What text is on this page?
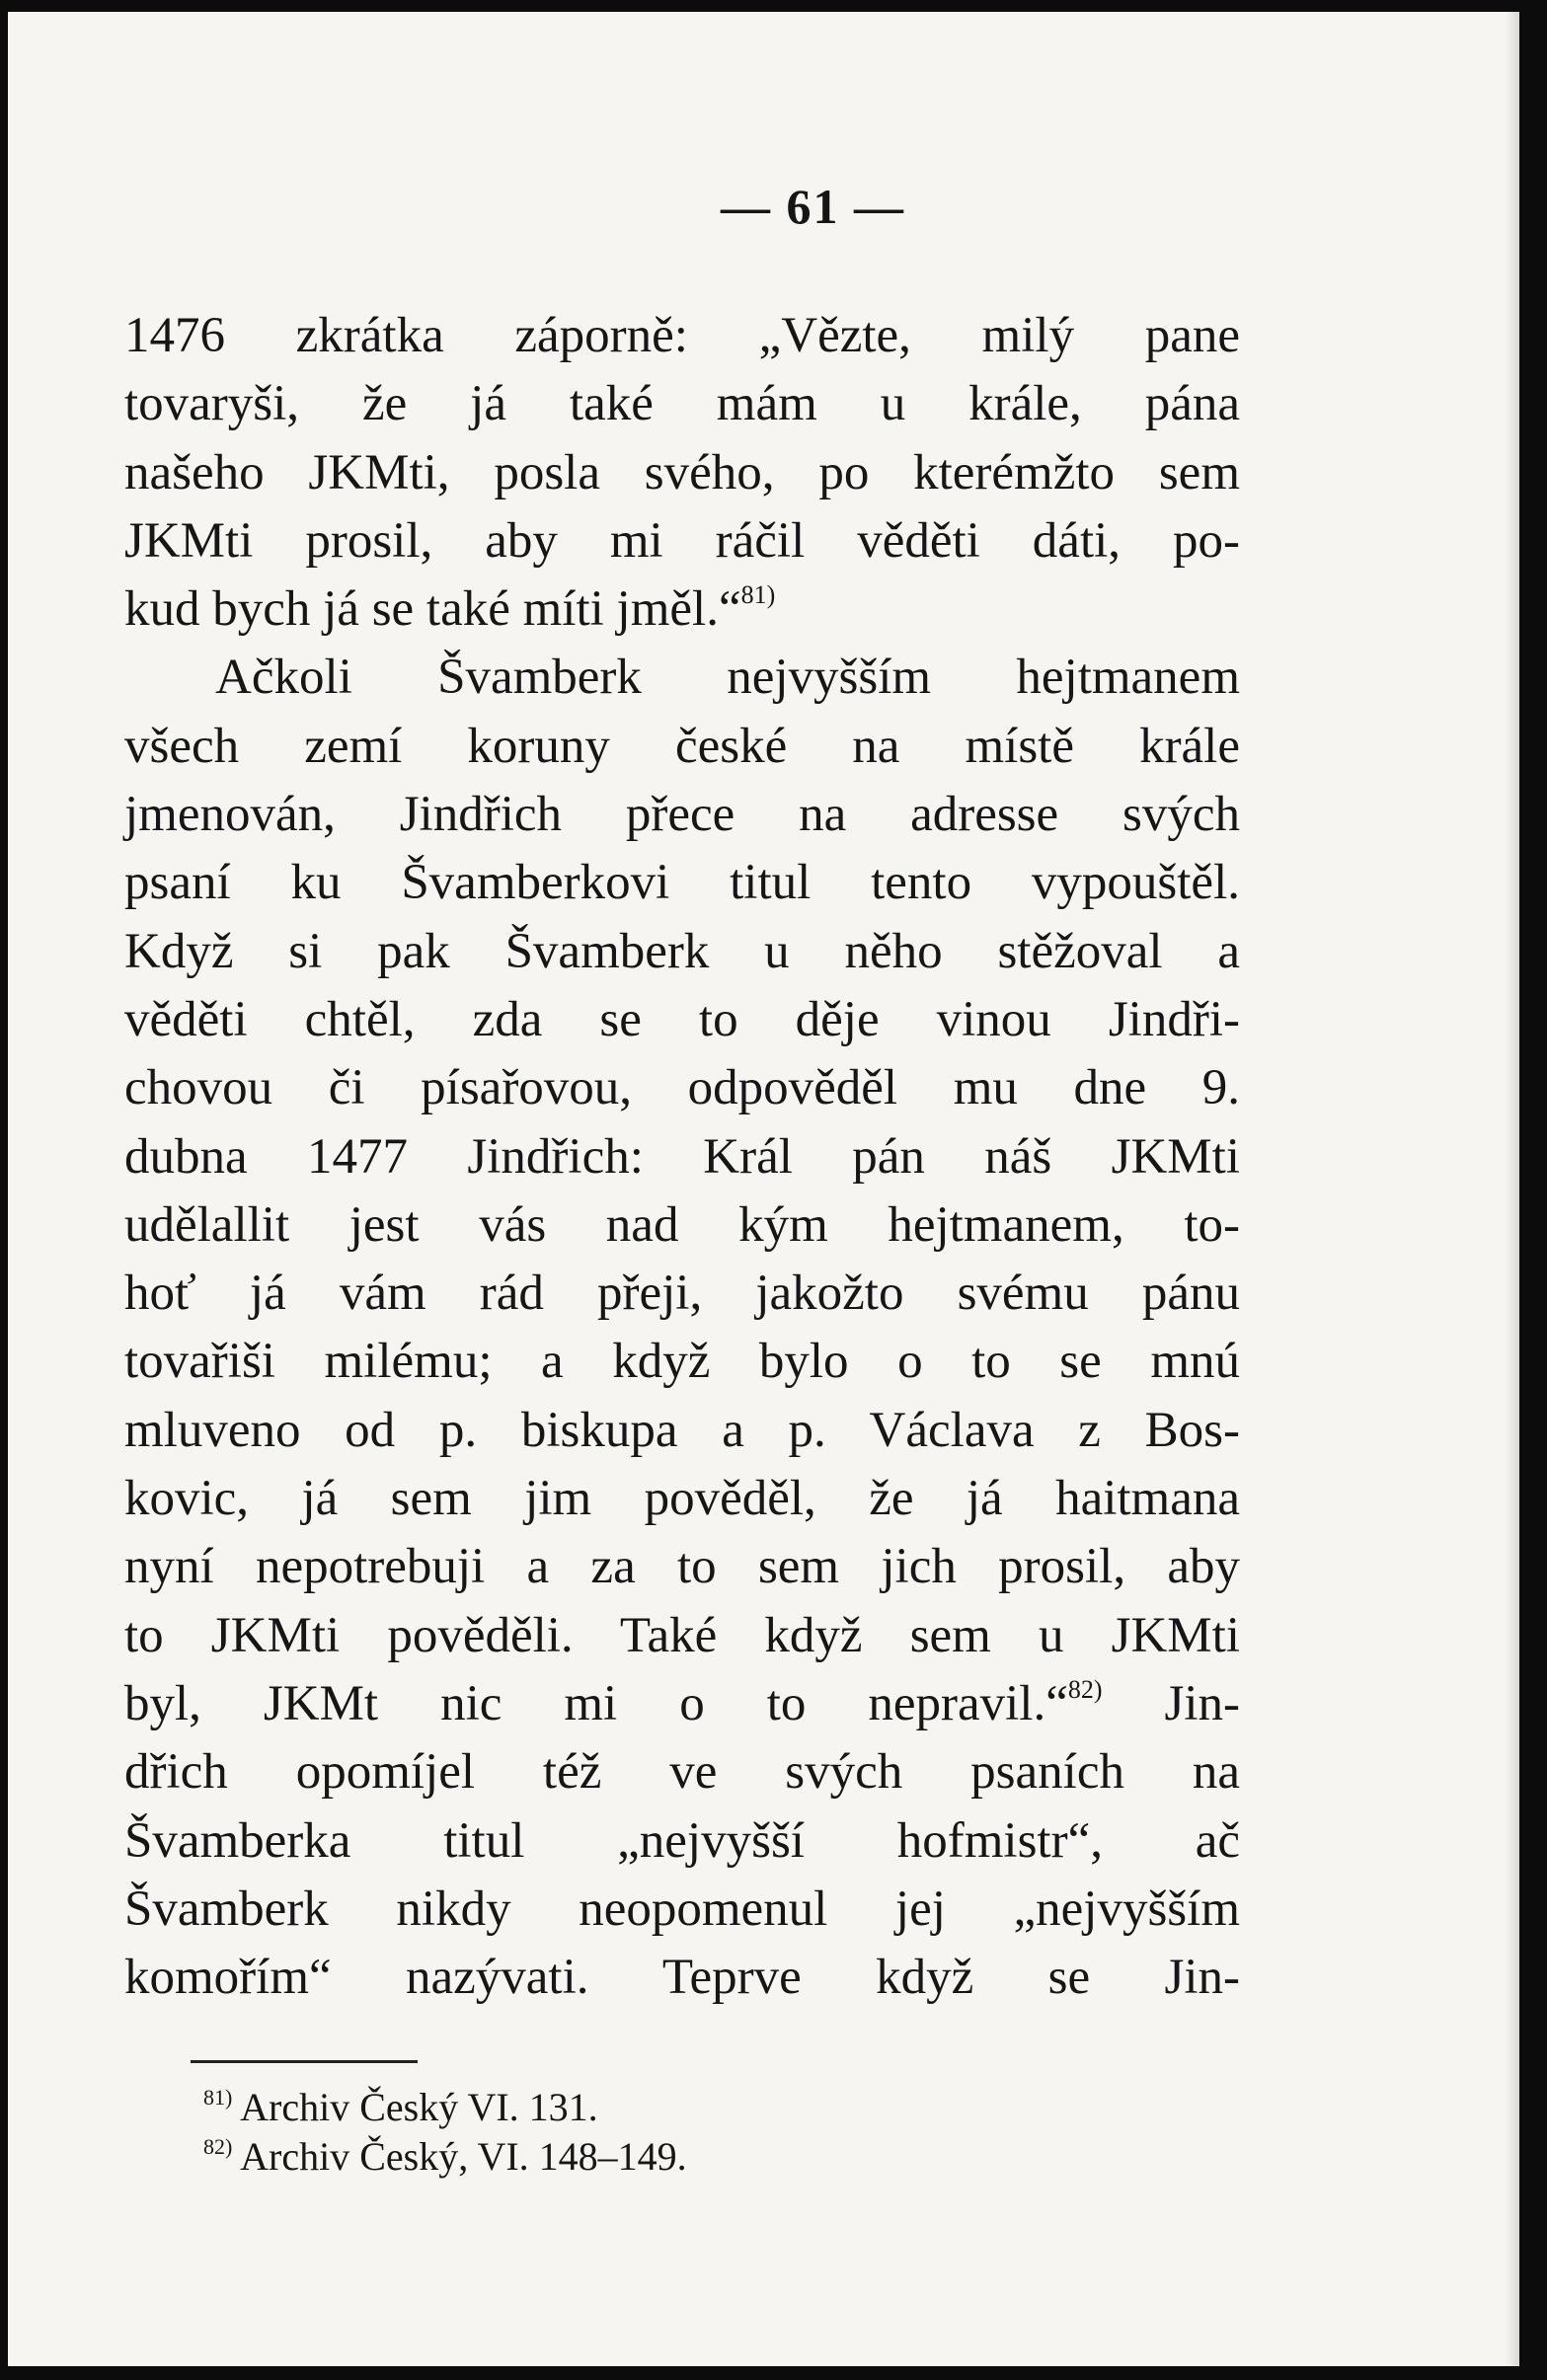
— 61 —
1476 zkrátka záporně: „Vězte, milý pane
tovaryši, že já také mám u krále, pána
našeho JKMti, posla svého, po kterémžto sem
JKMti prosil, aby mi ráčil věděti dáti, po-
kud bych já se také míti jměl.“$^{81)}$
Ačkoli Švamberk nejvyšším hejtmanem
všech zemí koruny české na místě krále
jmenován, Jindřich přece na adresse svých
psaní ku Švamberkovi titul tento vypouštěl.
Když si pak Švamberk u něho stěžoval a
věděti chtěl, zda se to děje vinou Jindři-
chovou či písařovou, odpověděl mu dne 9.
dubna 1477 Jindřich: Král pán náš JKMti
udělallit jest vás nad kým hejtmanem, to-
hoť já vám rád přeji, jakožto svému pánu
tovařiši milému; a když bylo o to se mnú
mluveno od p. biskupa a p. Václava z Bos-
kovic, já sem jim pověděl, že já haitmana
nyní nepotrebuji a za to sem jich prosil, aby
to JKMti pověděli. Také když sem u JKMti
byl, JKMt nic mi o to nepravil.“$^{82)}$ Jin-
dřich opomíjel též ve svých psaních na
Švamberka titul „nejvyšší hofmistr“, ač
Švamberk nikdy neopomenul jej „nejvyšším
komořím“ nazývati. Teprve když se Jin-
$^{81)}$ Archiv Český VI. 131.
$^{82)}$ Archiv Český, VI. 148–149.
